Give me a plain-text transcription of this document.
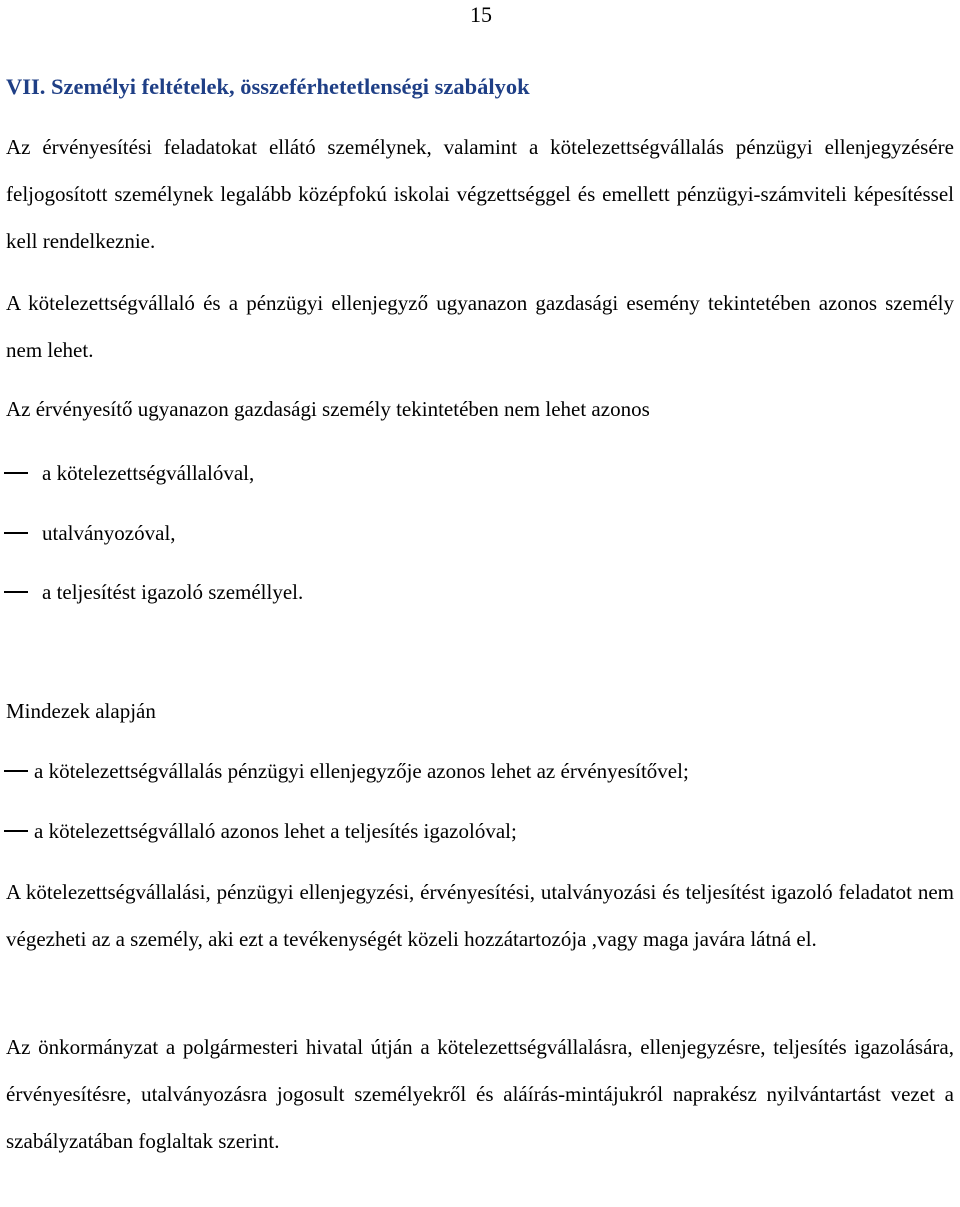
15
VII. Személyi feltételek, összeférhetetlenségi szabályok

Az érvényesítési feladatokat ellátó személynek, valamint a kötelezettségvállalás pénzügyi ellenjegyzésére feljogosított személynek legalább középfokú iskolai végzettséggel és emellett pénzügyi-számviteli képesítéssel kell rendelkeznie.

A kötelezettségvállaló és a pénzügyi ellenjegyző ugyanazon gazdasági esemény tekintetében azonos személy nem lehet.

Az érvényesítő ugyanazon gazdasági személy tekintetében nem lehet azonos

a kötelezettségvállalóval,
utalványozóval,
a teljesítést igazoló személlyel.

Mindezek alapján

a kötelezettségvállalás pénzügyi ellenjegyzője azonos lehet az érvényesítővel;
a kötelezettségvállaló azonos lehet a teljesítés igazolóval;

A kötelezettségvállalási, pénzügyi ellenjegyzési, érvényesítési, utalványozási és teljesítést igazoló feladatot nem végezheti az a személy, aki ezt a tevékenységét közeli hozzátartozója ,vagy maga javára látná el.

Az önkormányzat a polgármesteri hivatal útján a kötelezettségvállalásra, ellenjegyzésre, teljesítés igazolására, érvényesítésre, utalványozásra jogosult személyekről és aláírás-mintájukról naprakész nyilvántartást vezet a szabályzatában foglaltak szerint.
